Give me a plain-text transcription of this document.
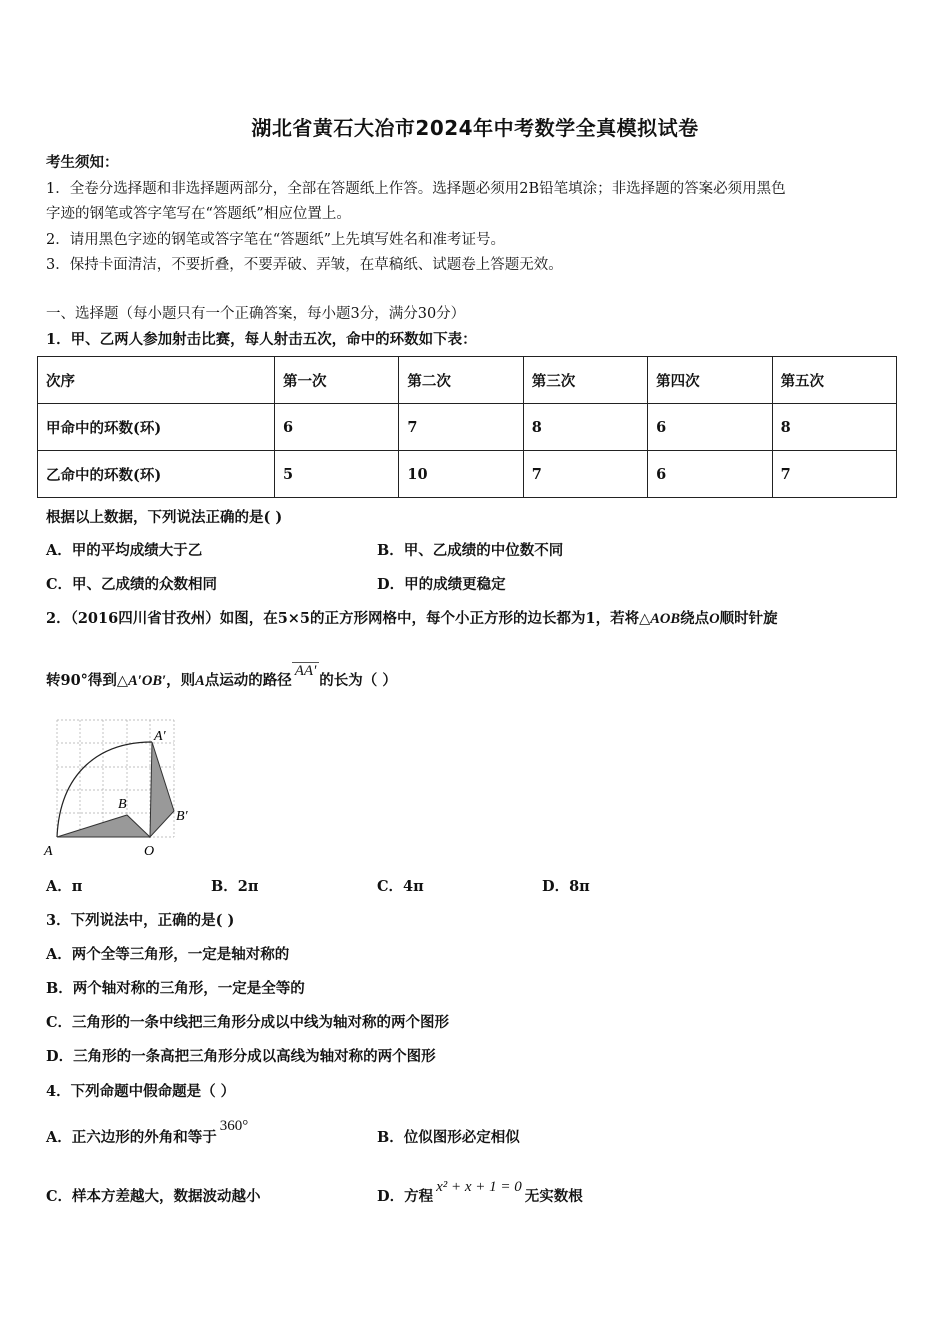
湖北省黄石大冶市2024年中考数学全真模拟试卷
考生须知：
1．全卷分选择题和非选择题两部分，全部在答题纸上作答。选择题必须用2B铅笔填涂；非选择题的答案必须用黑色
字迹的钢笔或答字笔写在“答题纸”相应位置上。
2．请用黑色字迹的钢笔或答字笔在“答题纸”上先填写姓名和准考证号。
3．保持卡面清洁，不要折叠，不要弄破、弄皱，在草稿纸、试题卷上答题无效。
一、选择题（每小题只有一个正确答案，每小题3分，满分30分）
1．甲、乙两人参加射击比赛，每人射击五次，命中的环数如下表：
次序	第一次	第二次	第三次	第四次	第五次
甲命中的环数(环)	6	7	8	6	8
乙命中的环数(环)	5	10	7	6	7
根据以上数据，下列说法正确的是( )
A．甲的平均成绩大于乙	B．甲、乙成绩的中位数不同
C．甲、乙成绩的众数相同	D．甲的成绩更稳定
2．（2016四川省甘孜州）如图，在5×5的正方形网格中，每个小正方形的边长都为1，若将△AOB绕点O顺时针旋
转90°得到△A′OB′，则A点运动的路径AA'的长为（ ）
A	O
B
A′
B′
A．π	B．2π	C．4π	D．8π
3．下列说法中，正确的是( )
A．两个全等三角形，一定是轴对称的
B．两个轴对称的三角形，一定是全等的
C．三角形的一条中线把三角形分成以中线为轴对称的两个图形
D．三角形的一条高把三角形分成以高线为轴对称的两个图形
4．下列命题中假命题是（ ）
A．正六边形的外角和等于360°
B．位似图形必定相似
C．样本方差越大，数据波动越小	D．方程x² + x + 1 = 0无实数根
